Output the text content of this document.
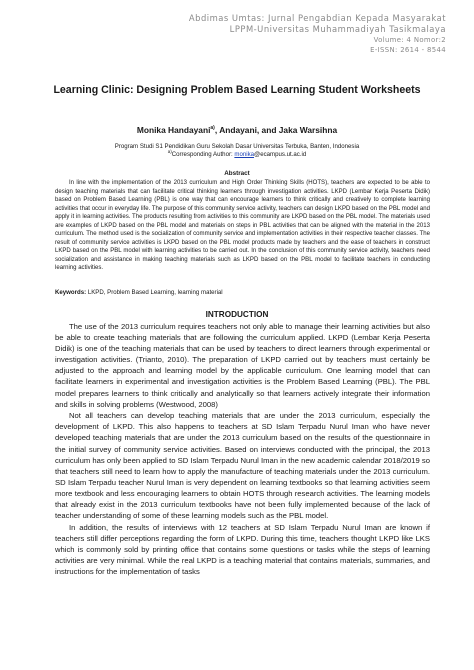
Abdimas Umtas: Jurnal Pengabdian Kepada Masyarakat
LPPM-Universitas Muhammadiyah Tasikmalaya
Volume: 4 Nomor:2
E-ISSN: 2614 - 8544
Learning Clinic: Designing Problem Based Learning Student Worksheets
Monika Handayani$^{a)}$, Andayani, and Jaka Warsihna
Program Studi S1 Pendidikan Guru Sekolah Dasar Universitas Terbuka, Banten, Indonesia
$^{a)}$Corresponding Author: monika@ecampus.ut.ac.id
Abstract
In line with the implementation of the 2013 curriculum and High Order Thinking Skills (HOTS), teachers are expected to be able to design teaching materials that can facilitate critical thinking learners through investigation activities. LKPD (Lembar Kerja Peserta Didik) based on Problem Based Learning (PBL) is one way that can encourage learners to think critically and creatively to complete learning activities that occur in everyday life. The purpose of this community service activity, teachers can design LKPD based on the PBL model and apply it in learning activities. The products resulting from activities to this community are LKPD based on the PBL model. The materials used are examples of LKPD based on the PBL model and materials on steps in PBL activities that can be aligned with the material in the 2013 curriculum. The method used is the socialization of community service and implementation activities in their respective teacher classes. The result of community service activities is LKPD based on the PBL model products made by teachers and the ease of teachers in construct LKPD based on the PBL model with learning activities to be carried out. In the conclusion of this community service activity, teachers need socialization and assistance in making teaching materials such as LKPD based on the PBL model to facilitate teachers in conducting learning activities.
Keywords: LKPD, Problem Based Learning, learning material
INTRODUCTION

The use of the 2013 curriculum requires teachers not only able to manage their learning activities but also be able to create teaching materials that are following the curriculum applied. LKPD (Lembar Kerja Peserta Didik) is one of the teaching materials that can be used by teachers to direct learners through experimental or investigation activities. (Trianto, 2010). The preparation of LKPD carried out by teachers must certainly be adjusted to the approach and learning model by the applicable curriculum. One learning model that can facilitate learners in experimental and investigation activities is the Problem Based Learning (PBL). The PBL model prepares learners to think critically and analytically so that learners actively integrate their information and skills in solving problems (Westwood, 2008)

Not all teachers can develop teaching materials that are under the 2013 curriculum, especially the development of LKPD. This also happens to teachers at SD Islam Terpadu Nurul Iman who have never developed teaching materials that are under the 2013 curriculum based on the results of the questionnaire in the initial survey of community service activities. Based on interviews conducted with the principal, the 2013 curriculum has only been applied to SD Islam Terpadu Nurul Iman in the new academic calendar 2018/2019 so that teachers still need to learn how to apply the manufacture of teaching materials under the 2013 curriculum. SD Islam Terpadu teacher Nurul Iman is very dependent on learning textbooks so that learning activities seem more textbook and less encouraging learners to obtain HOTS through research activities. The learning models that already exist in the 2013 curriculum textbooks have not been fully implemented because of the lack of teacher understanding of some of these learning models such as the PBL model.

In addition, the results of interviews with 12 teachers at SD Islam Terpadu Nurul Iman are known if teachers still differ perceptions regarding the form of LKPD. During this time, teachers thought LKPD like LKS which is commonly sold by printing office that contains some questions or tasks while the steps of learning activities are very minimal. While the real LKPD is a teaching material that contains materials, summaries, and instructions for the implementation of tasks
